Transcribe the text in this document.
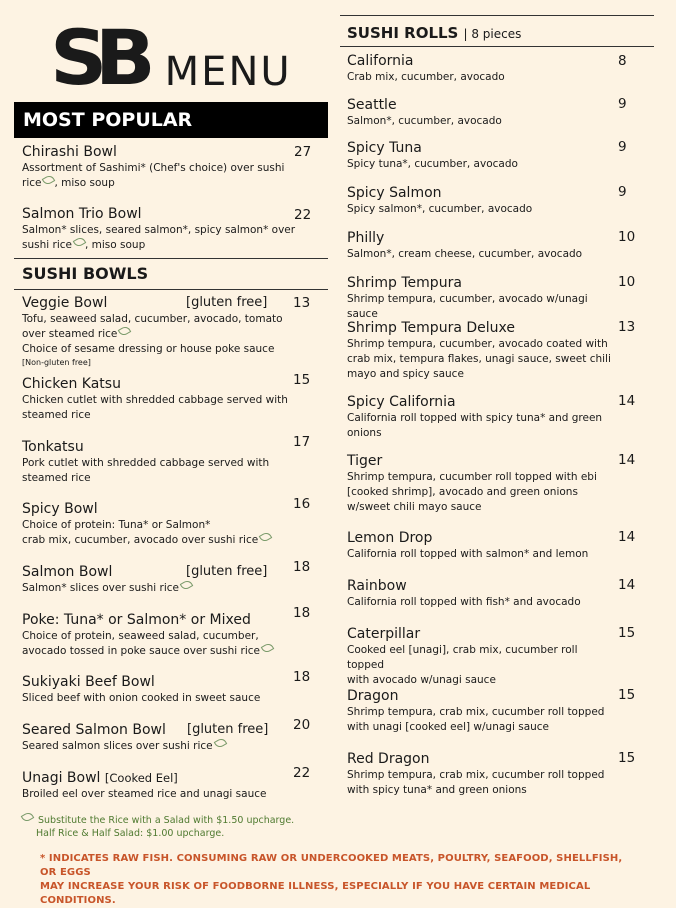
SB MENU
MOST POPULAR
Chirashi Bowl
Assortment of Sashimi* (Chef's choice) over sushi
rice , miso soup
27
Salmon Trio Bowl
Salmon* slices, seared salmon*, spicy salmon* over
sushi rice , miso soup
22
SUSHI BOWLS
Veggie Bowl
Tofu, seaweed salad, cucumber, avocado, tomato
over steamed rice
Choice of sesame dressing or house poke sauce
[Non-gluten free]
[gluten free] 13
Chicken Katsu
Chicken cutlet with shredded cabbage served with
steamed rice
15
Tonkatsu
Pork cutlet with shredded cabbage served with
steamed rice
17
Spicy Bowl
Choice of protein: Tuna* or Salmon*
crab mix, cucumber, avocado over sushi rice
16
Salmon Bowl
Salmon* slices over sushi rice
[gluten free] 18
Poke: Tuna* or Salmon* or Mixed
Choice of protein, seaweed salad, cucumber,
avocado tossed in poke sauce over sushi rice
18
Sukiyaki Beef Bowl
Sliced beef with onion cooked in sweet sauce
18
Seared Salmon Bowl
Seared salmon slices over sushi rice
[gluten free] 20
Unagi Bowl [Cooked Eel]
Broiled eel over steamed rice and unagi sauce
22
Substitute the Rice with a Salad with $1.50 upcharge.
Half Rice & Half Salad: $1.00 upcharge.
SUSHI ROLLS | 8 pieces
California
Crab mix, cucumber, avocado
8
Seattle
Salmon*, cucumber, avocado
9
Spicy Tuna
Spicy tuna*, cucumber, avocado
9
Spicy Salmon
Spicy salmon*, cucumber, avocado
9
Philly
Salmon*, cream cheese, cucumber, avocado
10
Shrimp Tempura
Shrimp tempura, cucumber, avocado w/unagi sauce
10
Shrimp Tempura Deluxe
Shrimp tempura, cucumber, avocado coated with
crab mix, tempura flakes, unagi sauce, sweet chili
mayo and spicy sauce
13
Spicy California
California roll topped with spicy tuna* and green
onions
14
Tiger
Shrimp tempura, cucumber roll topped with ebi
[cooked shrimp], avocado and green onions
w/sweet chili mayo sauce
14
Lemon Drop
California roll topped with salmon* and lemon
14
Rainbow
California roll topped with fish* and avocado
14
Caterpillar
Cooked eel [unagi], crab mix, cucumber roll topped
with avocado w/unagi sauce
15
Dragon
Shrimp tempura, crab mix, cucumber roll topped
with unagi [cooked eel] w/unagi sauce
15
Red Dragon
Shrimp tempura, crab mix, cucumber roll topped
with spicy tuna* and green onions
15
* INDICATES RAW FISH. CONSUMING RAW OR UNDERCOOKED MEATS, POULTRY, SEAFOOD, SHELLFISH, OR EGGS
MAY INCREASE YOUR RISK OF FOODBORNE ILLNESS, ESPECIALLY IF YOU HAVE CERTAIN MEDICAL CONDITIONS.
